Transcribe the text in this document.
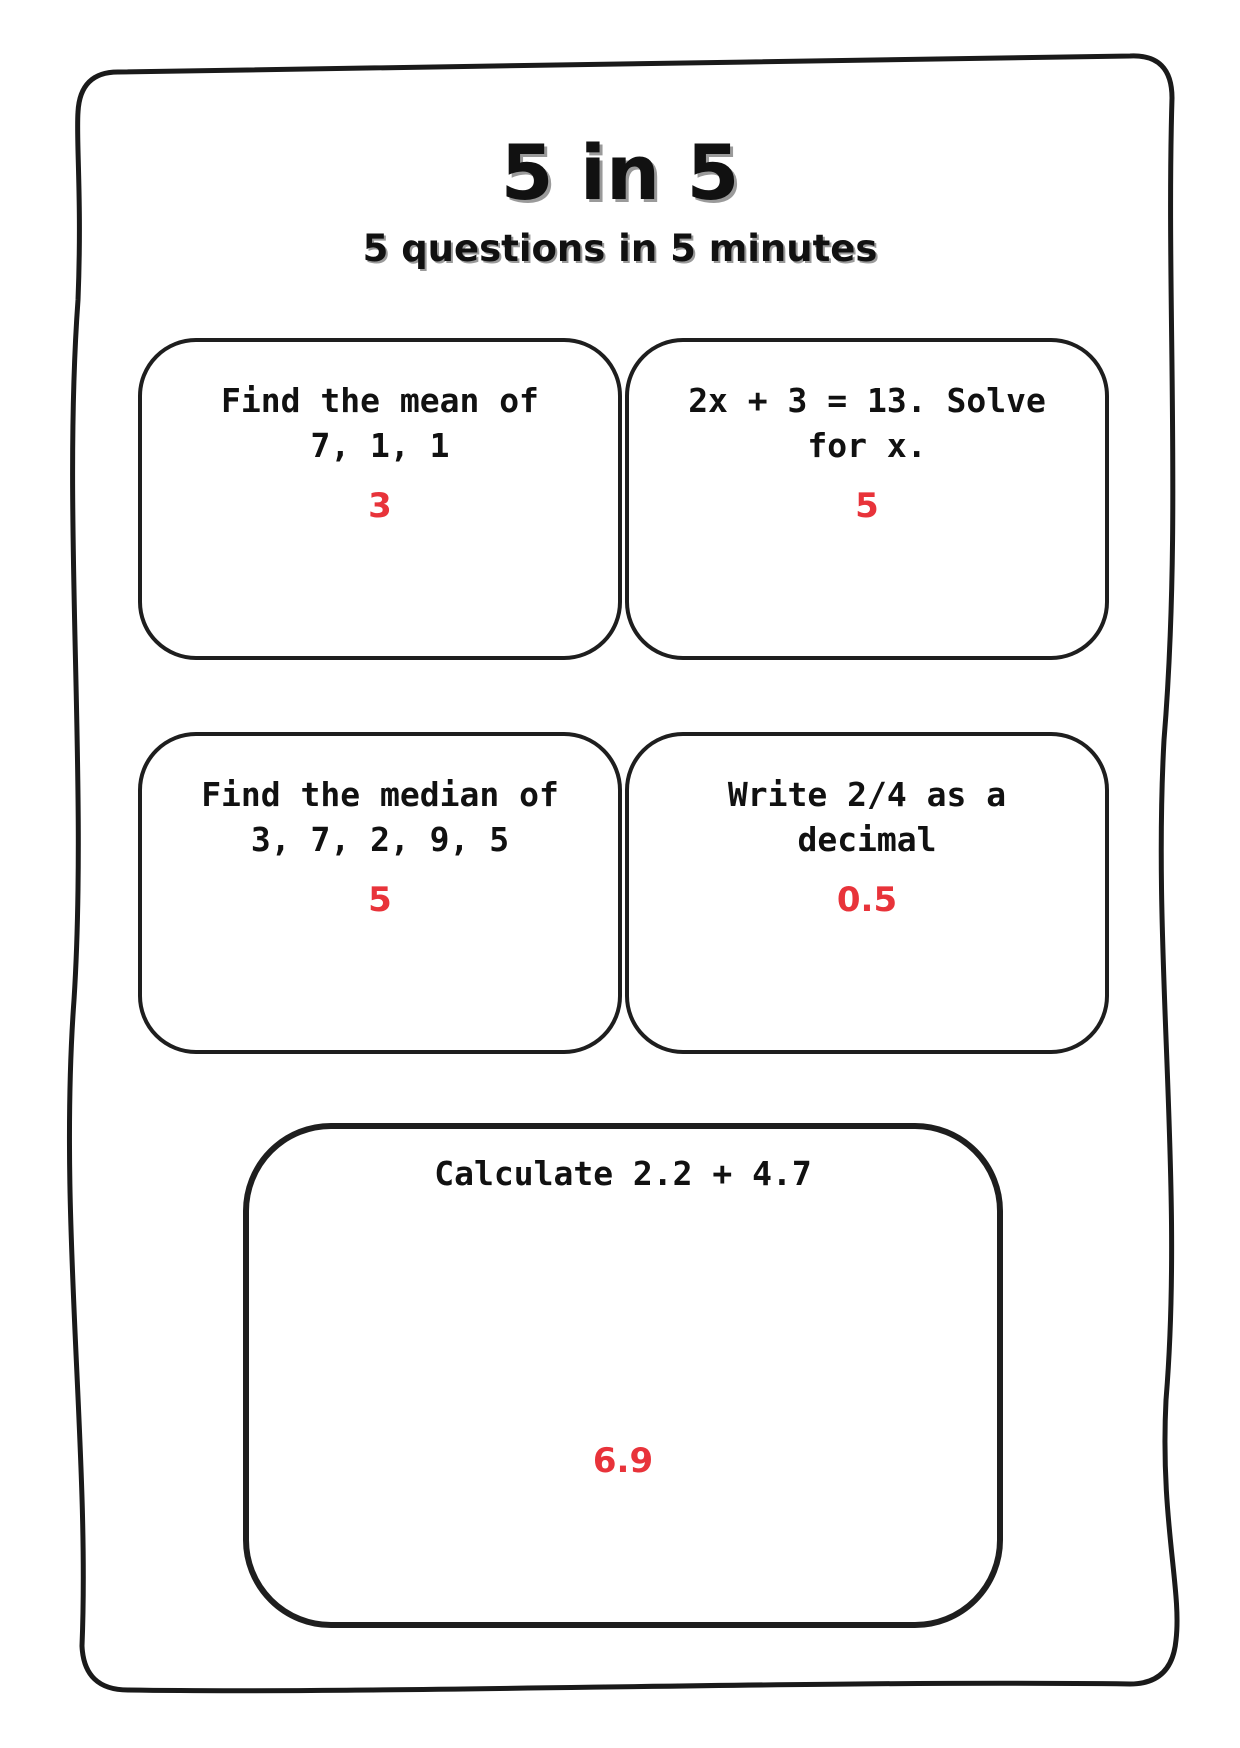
5 in 5
5 questions in 5 minutes
Find the mean of
7, 1, 1
3
2x + 3 = 13. Solve
for x.
5
Find the median of
3, 7, 2, 9, 5
5
Write 2/4 as a
decimal
0.5
Calculate 2.2 + 4.7
6.9
